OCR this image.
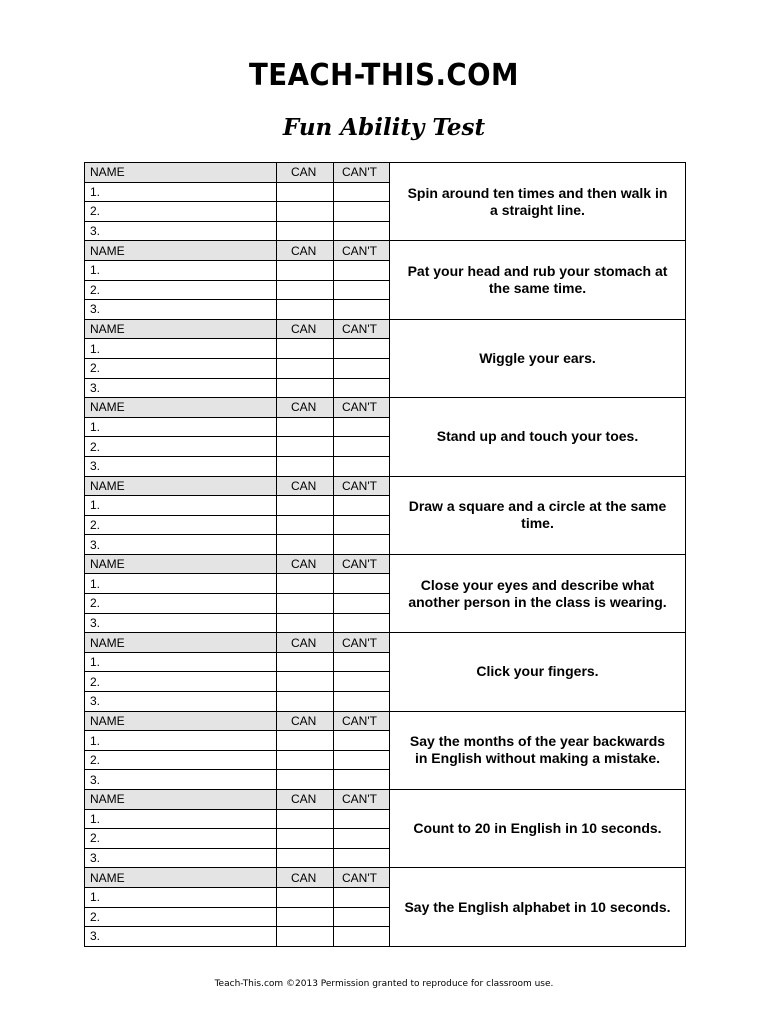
TEACH-THIS.COM
Fun Ability Test
NAME	CAN	CAN'T	Spin around ten times and then walk in a straight line.
1.			
2.			
3.			
NAME	CAN	CAN'T	Pat your head and rub your stomach at the same time.
1.			
2.			
3.			
NAME	CAN	CAN'T	Wiggle your ears.
1.			
2.			
3.			
NAME	CAN	CAN'T	Stand up and touch your toes.
1.			
2.			
3.			
NAME	CAN	CAN'T	Draw a square and a circle at the same time.
1.			
2.			
3.			
NAME	CAN	CAN'T	Close your eyes and describe what another person in the class is wearing.
1.			
2.			
3.			
NAME	CAN	CAN'T	Click your fingers.
1.			
2.			
3.			
NAME	CAN	CAN'T	Say the months of the year backwards in English without making a mistake.
1.			
2.			
3.			
NAME	CAN	CAN'T	Count to 20 in English in 10 seconds.
1.			
2.			
3.			
NAME	CAN	CAN'T	Say the English alphabet in 10 seconds.
1.			
2.			
3.			
Teach-This.com ©2013 Permission granted to reproduce for classroom use.
